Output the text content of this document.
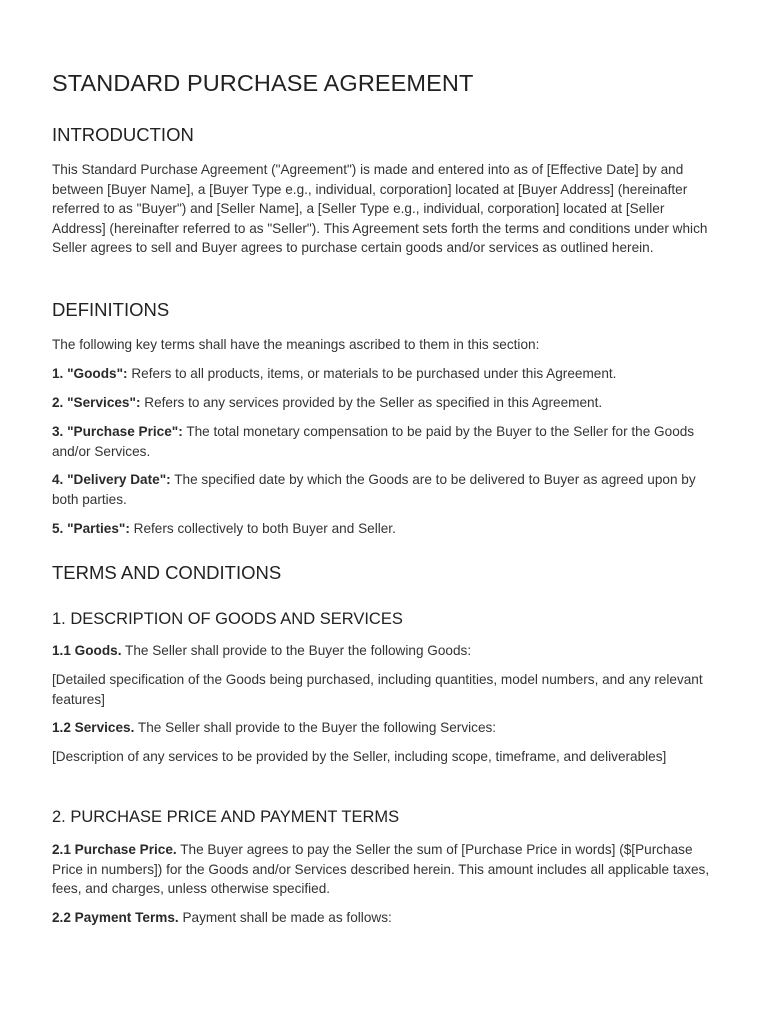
STANDARD PURCHASE AGREEMENT
INTRODUCTION

This Standard Purchase Agreement ("Agreement") is made and entered into as of [Effective Date] by and between [Buyer Name], a [Buyer Type e.g., individual, corporation] located at [Buyer Address] (hereinafter referred to as "Buyer") and [Seller Name], a [Seller Type e.g., individual, corporation] located at [Seller Address] (hereinafter referred to as "Seller"). This Agreement sets forth the terms and conditions under which Seller agrees to sell and Buyer agrees to purchase certain goods and/or services as outlined herein.

DEFINITIONS

The following key terms shall have the meanings ascribed to them in this section:

1. "Goods": Refers to all products, items, or materials to be purchased under this Agreement.

2. "Services": Refers to any services provided by the Seller as specified in this Agreement.

3. "Purchase Price": The total monetary compensation to be paid by the Buyer to the Seller for the Goods and/or Services.

4. "Delivery Date": The specified date by which the Goods are to be delivered to Buyer as agreed upon by both parties.

5. "Parties": Refers collectively to both Buyer and Seller.

TERMS AND CONDITIONS
1. DESCRIPTION OF GOODS AND SERVICES

1.1 Goods. The Seller shall provide to the Buyer the following Goods:

[Detailed specification of the Goods being purchased, including quantities, model numbers, and any relevant features]

1.2 Services. The Seller shall provide to the Buyer the following Services:

[Description of any services to be provided by the Seller, including scope, timeframe, and deliverables]

2. PURCHASE PRICE AND PAYMENT TERMS

2.1 Purchase Price. The Buyer agrees to pay the Seller the sum of [Purchase Price in words] ($[Purchase Price in numbers]) for the Goods and/or Services described herein. This amount includes all applicable taxes, fees, and charges, unless otherwise specified.

2.2 Payment Terms. Payment shall be made as follows:
